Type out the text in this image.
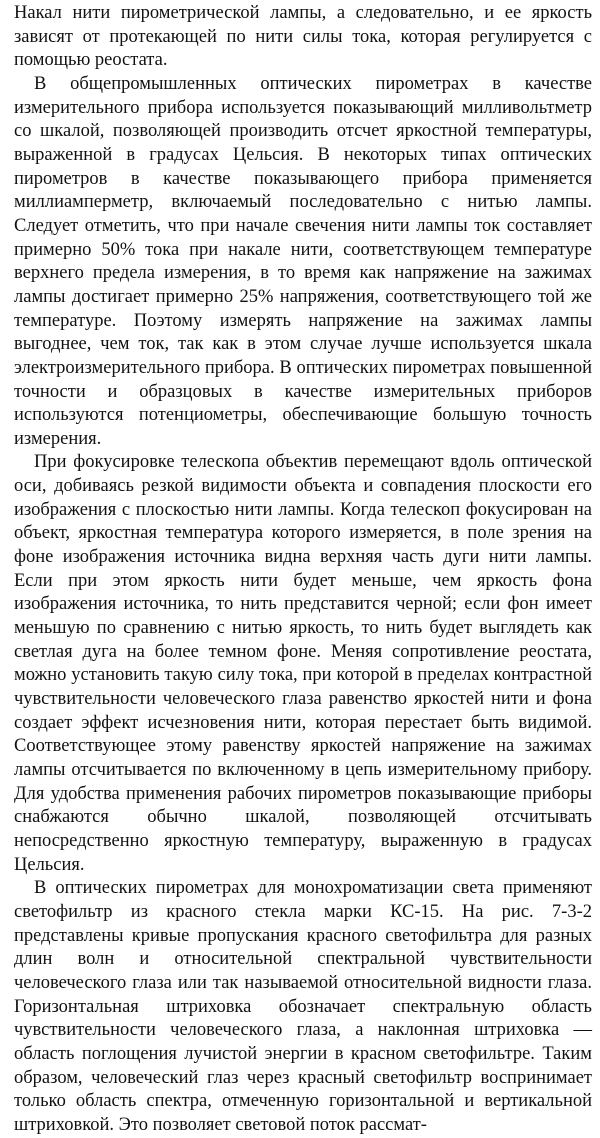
Накал нити пирометрической лампы, а следовательно, и ее яркость зависят от протекающей по нити силы тока, которая регулируется с помощью реостата.

В общепромышленных оптических пирометрах в качестве измерительного прибора используется показывающий милливольтметр со шкалой, позволяющей производить отсчет яркостной температуры, выраженной в градусах Цельсия. В некоторых типах оптических пирометров в качестве показывающего прибора применяется миллиамперметр, включаемый последовательно с нитью лампы. Следует отметить, что при начале свечения нити лампы ток составляет примерно 50% тока при накале нити, соответствующем температуре верхнего предела измерения, в то время как напряжение на зажимах лампы достигает примерно 25% напряжения, соответствующего той же температуре. Поэтому измерять напряжение на зажимах лампы выгоднее, чем ток, так как в этом случае лучше используется шкала электроизмерительного прибора. В оптических пирометрах повышенной точности и образцовых в качестве измерительных приборов используются потенциометры, обеспечивающие большую точность измерения.

При фокусировке телескопа объектив перемещают вдоль оптической оси, добиваясь резкой видимости объекта и совпадения плоскости его изображения с плоскостью нити лампы. Когда телескоп фокусирован на объект, яркостная температура которого измеряется, в поле зрения на фоне изображения источника видна верхняя часть дуги нити лампы. Если при этом яркость нити будет меньше, чем яркость фона изображения источника, то нить представится черной; если фон имеет меньшую по сравнению с нитью яркость, то нить будет выглядеть как светлая дуга на более темном фоне. Меняя сопротивление реостата, можно установить такую силу тока, при которой в пределах контрастной чувствительности человеческого глаза равенство яркостей нити и фона создает эффект исчезновения нити, которая перестает быть видимой. Соответствующее этому равенству яркостей напряжение на зажимах лампы отсчитывается по включенному в цепь измерительному прибору. Для удобства применения рабочих пирометров показывающие приборы снабжаются обычно шкалой, позволяющей отсчитывать непосредственно яркостную температуру, выраженную в градусах Цельсия.

В оптических пирометрах для монохроматизации света применяют светофильтр из красного стекла марки КС-15. На рис. 7-3-2 представлены кривые пропускания красного светофильтра для разных длин волн и относительной спектральной чувствительности человеческого глаза или так называемой относительной видности глаза. Горизонтальная штриховка обозначает спектральную область чувствительности человеческого глаза, а наклонная штриховка — область поглощения лучистой энергии в красном светофильтре. Таким образом, человеческий глаз через красный светофильтр воспринимает только область спектра, отмеченную горизонтальной и вертикальной штриховкой. Это позволяет световой поток рассмат-
